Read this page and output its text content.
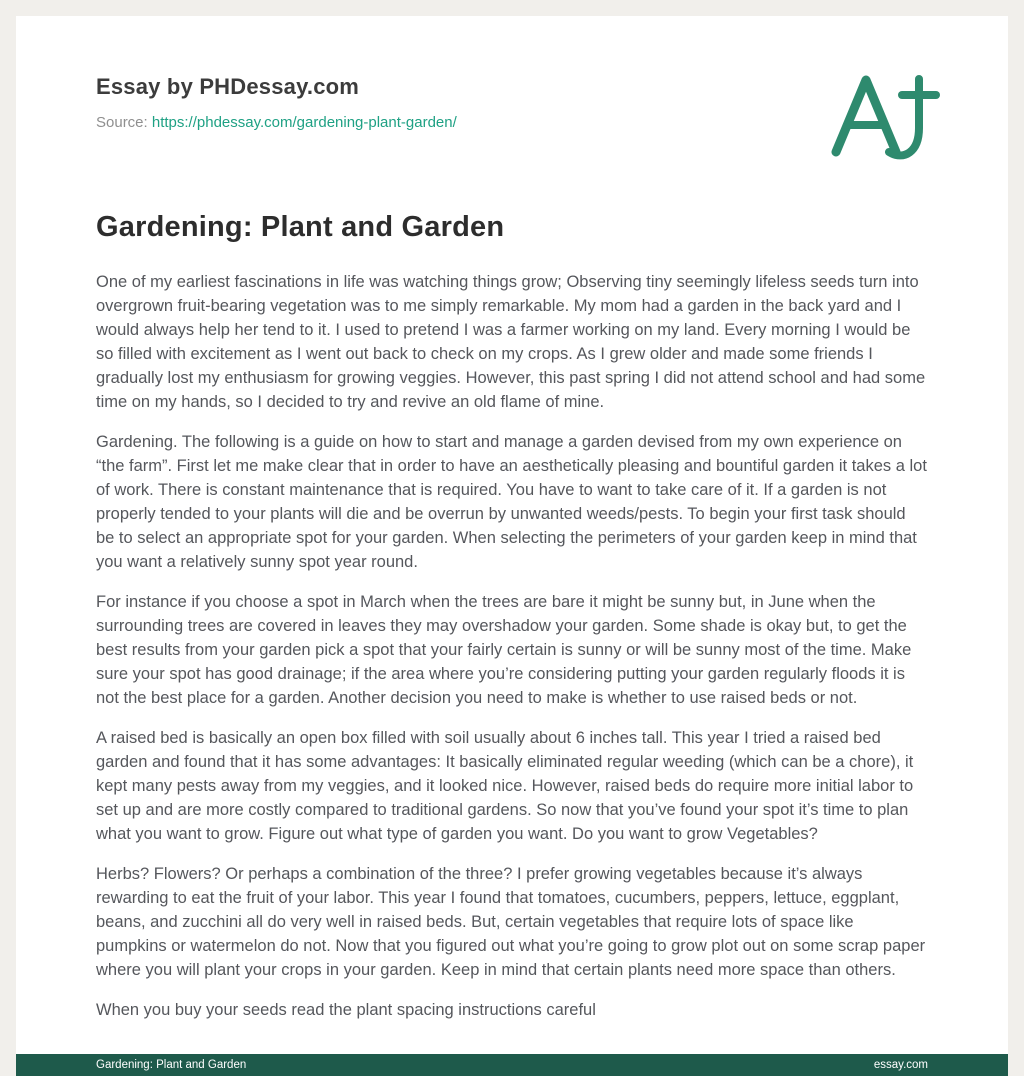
Essay by PHDessay.com
Source: https://phdessay.com/gardening-plant-garden/
Gardening: Plant and Garden

One of my earliest fascinations in life was watching things grow; Observing tiny seemingly lifeless seeds turn into overgrown fruit-bearing vegetation was to me simply remarkable. My mom had a garden in the back yard and I would always help her tend to it. I used to pretend I was a farmer working on my land. Every morning I would be so filled with excitement as I went out back to check on my crops. As I grew older and made some friends I gradually lost my enthusiasm for growing veggies. However, this past spring I did not attend school and had some time on my hands, so I decided to try and revive an old flame of mine.

Gardening. The following is a guide on how to start and manage a garden devised from my own experience on “the farm”. First let me make clear that in order to have an aesthetically pleasing and bountiful garden it takes a lot of work. There is constant maintenance that is required. You have to want to take care of it. If a garden is not properly tended to your plants will die and be overrun by unwanted weeds/pests. To begin your first task should be to select an appropriate spot for your garden. When selecting the perimeters of your garden keep in mind that you want a relatively sunny spot year round.

For instance if you choose a spot in March when the trees are bare it might be sunny but, in June when the surrounding trees are covered in leaves they may overshadow your garden. Some shade is okay but, to get the best results from your garden pick a spot that your fairly certain is sunny or will be sunny most of the time. Make sure your spot has good drainage; if the area where you’re considering putting your garden regularly floods it is not the best place for a garden. Another decision you need to make is whether to use raised beds or not.

A raised bed is basically an open box filled with soil usually about 6 inches tall. This year I tried a raised bed garden and found that it has some advantages: It basically eliminated regular weeding (which can be a chore), it kept many pests away from my veggies, and it looked nice. However, raised beds do require more initial labor to set up and are more costly compared to traditional gardens. So now that you’ve found your spot it’s time to plan what you want to grow. Figure out what type of garden you want. Do you want to grow Vegetables?

Herbs? Flowers? Or perhaps a combination of the three? I prefer growing vegetables because it’s always rewarding to eat the fruit of your labor. This year I found that tomatoes, cucumbers, peppers, lettuce, eggplant, beans, and zucchini all do very well in raised beds. But, certain vegetables that require lots of space like pumpkins or watermelon do not. Now that you figured out what you’re going to grow plot out on some scrap paper where you will plant your crops in your garden. Keep in mind that certain plants need more space than others.

When you buy your seeds read the plant spacing instructions careful

Gardening: Plant and Garden	essay.com
